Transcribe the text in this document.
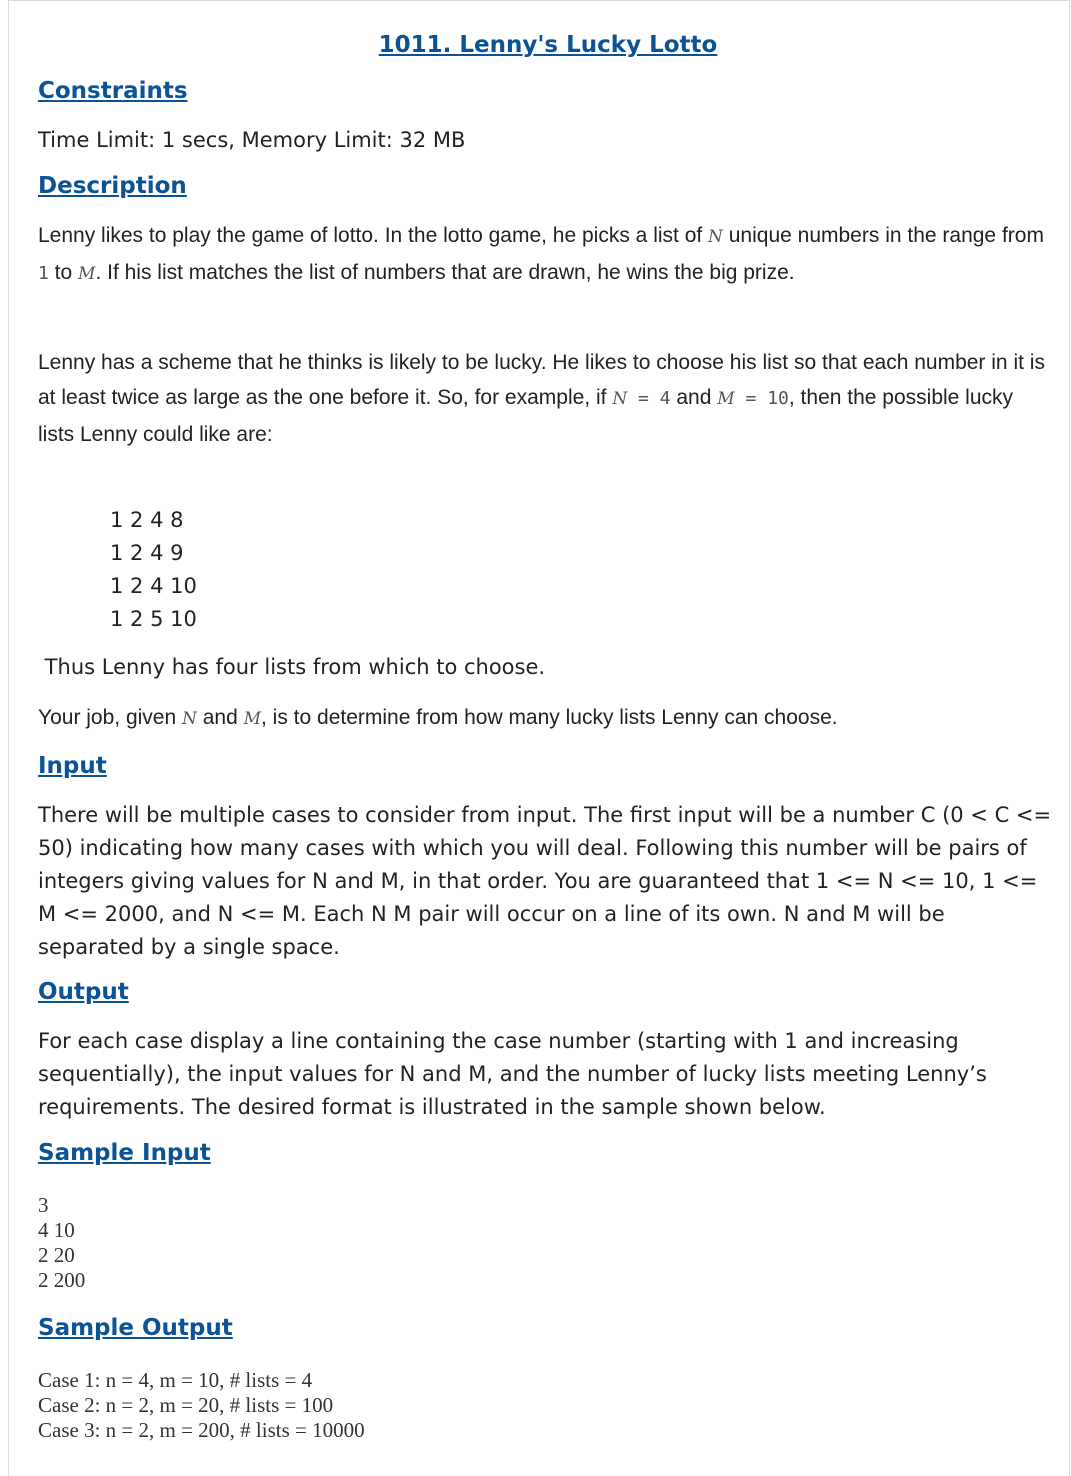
1011. Lenny's Lucky Lotto
Constraints

Time Limit: 1 secs, Memory Limit: 32 MB

Description

Lenny likes to play the game of lotto. In the lotto game, he picks a list of N unique numbers in the range from 1 to M. If his list matches the list of numbers that are drawn, he wins the big prize.

Lenny has a scheme that he thinks is likely to be lucky. He likes to choose his list so that each number in it is at least twice as large as the one before it. So, for example, if N = 4 and M = 10, then the possible lucky lists Lenny could like are:

1 2 4 8
1 2 4 9
1 2 4 10
1 2 5 10

Thus Lenny has four lists from which to choose.

Your job, given N and M, is to determine from how many lucky lists Lenny can choose.

Input

There will be multiple cases to consider from input. The first input will be a number C (0 < C <= 50) indicating how many cases with which you will deal. Following this number will be pairs of integers giving values for N and M, in that order. You are guaranteed that 1 <= N <= 10, 1 <= M <= 2000, and N <= M. Each N M pair will occur on a line of its own. N and M will be separated by a single space.

Output

For each case display a line containing the case number (starting with 1 and increasing sequentially), the input values for N and M, and the number of lucky lists meeting Lenny’s requirements. The desired format is illustrated in the sample shown below.

Sample Input
3
4 10
2 20
2 200
Sample Output
Case 1: n = 4, m = 10, # lists = 4
Case 2: n = 2, m = 20, # lists = 100
Case 3: n = 2, m = 200, # lists = 10000
